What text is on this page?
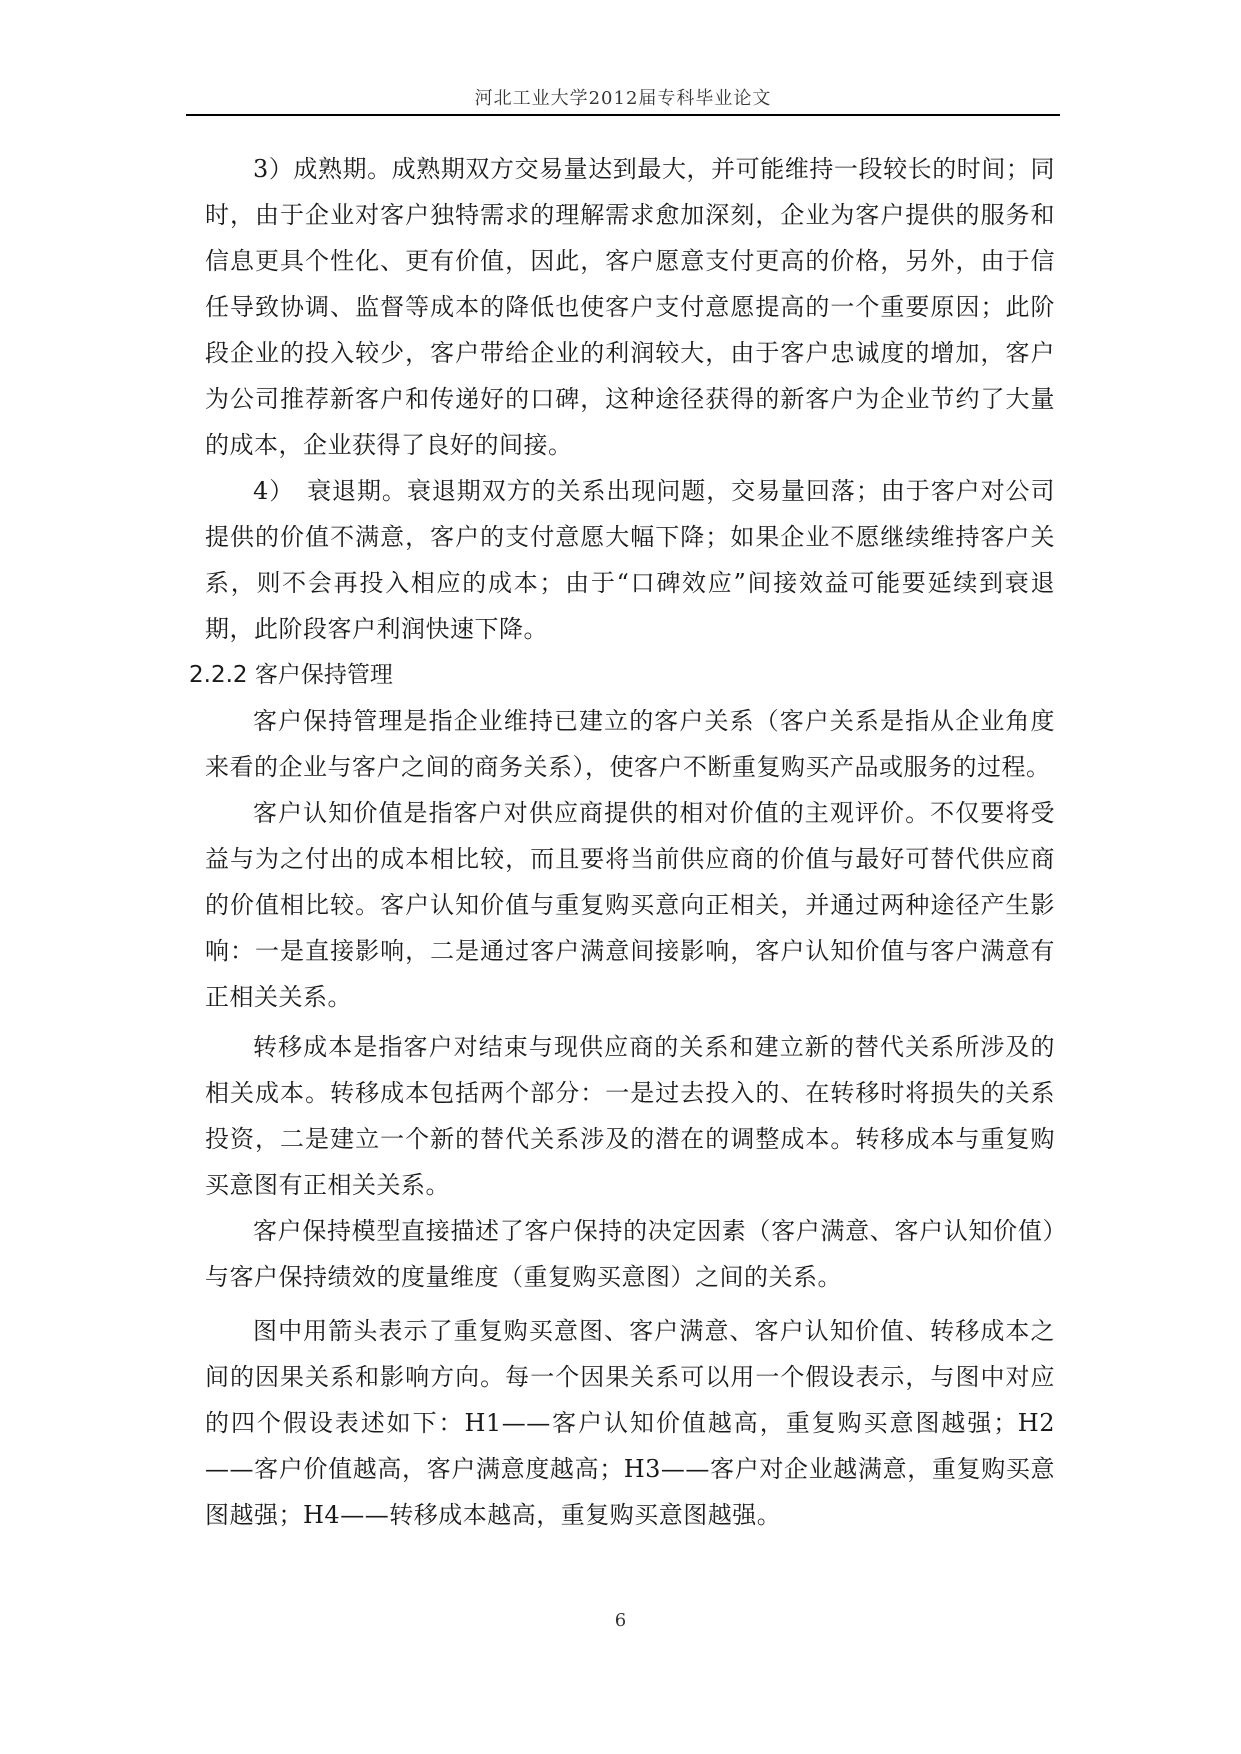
河北工业大学2012届专科毕业论文

3）成熟期。成熟期双方交易量达到最大，并可能维持一段较长的时间；同时，由于企业对客户独特需求的理解需求愈加深刻，企业为客户提供的服务和信息更具个性化、更有价值，因此，客户愿意支付更高的价格，另外，由于信任导致协调、监督等成本的降低也使客户支付意愿提高的一个重要原因；此阶段企业的投入较少，客户带给企业的利润较大，由于客户忠诚度的增加，客户为公司推荐新客户和传递好的口碑，这种途径获得的新客户为企业节约了大量的成本，企业获得了良好的间接。

4）　衰退期。衰退期双方的关系出现问题，交易量回落；由于客户对公司提供的价值不满意，客户的支付意愿大幅下降；如果企业不愿继续维持客户关系，则不会再投入相应的成本；由于“口碑效应”间接效益可能要延续到衰退期，此阶段客户利润快速下降。

2.2.2 客户保持管理

客户保持管理是指企业维持已建立的客户关系（客户关系是指从企业角度来看的企业与客户之间的商务关系），使客户不断重复购买产品或服务的过程。

客户认知价值是指客户对供应商提供的相对价值的主观评价。不仅要将受益与为之付出的成本相比较，而且要将当前供应商的价值与最好可替代供应商的价值相比较。客户认知价值与重复购买意向正相关，并通过两种途径产生影响：一是直接影响，二是通过客户满意间接影响，客户认知价值与客户满意有正相关关系。

转移成本是指客户对结束与现供应商的关系和建立新的替代关系所涉及的相关成本。转移成本包括两个部分：一是过去投入的、在转移时将损失的关系投资，二是建立一个新的替代关系涉及的潜在的调整成本。转移成本与重复购买意图有正相关关系。

客户保持模型直接描述了客户保持的决定因素（客户满意、客户认知价值）与客户保持绩效的度量维度（重复购买意图）之间的关系。

图中用箭头表示了重复购买意图、客户满意、客户认知价值、转移成本之间的因果关系和影响方向。每一个因果关系可以用一个假设表示，与图中对应的四个假设表述如下：H1——客户认知价值越高，重复购买意图越强；H2——客户价值越高，客户满意度越高；H3——客户对企业越满意，重复购买意图越强；H4——转移成本越高，重复购买意图越强。

6
